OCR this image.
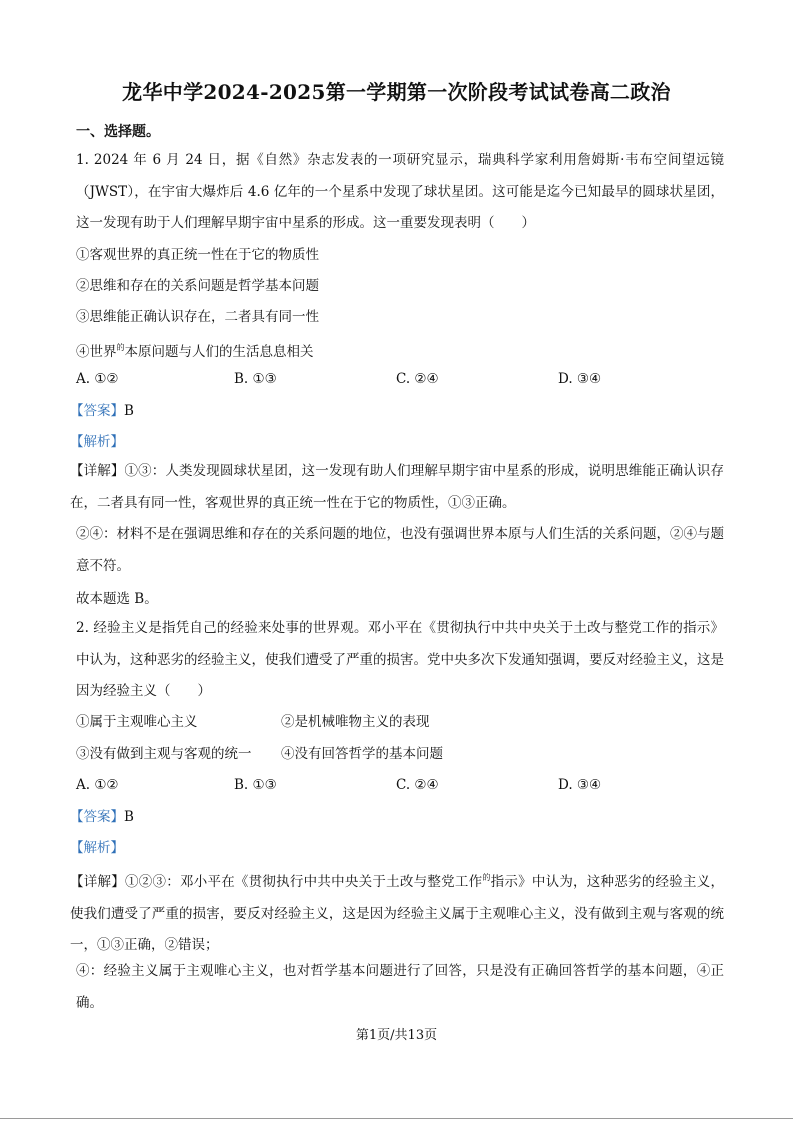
龙华中学2024-2025第一学期第一次阶段考试试卷高二政治
一、选择题。
1. 2024 年 6 月 24 日，据《自然》杂志发表的一项研究显示，瑞典科学家利用詹姆斯·韦布空间望远镜（JWST），在宇宙大爆炸后 4.6 亿年的一个星系中发现了球状星团。这可能是迄今已知最早的圆球状星团，这一发现有助于人们理解早期宇宙中星系的形成。这一重要发现表明（　　）
①客观世界的真正统一性在于它的物质性
②思维和存在的关系问题是哲学基本问题
③思维能正确认识存在，二者具有同一性
④世界$^的$本原问题与人们的生活息息相关
A. ①②	B. ①③	C. ②④	D. ③④
【答案】B
【解析】
【详解】①③：人类发现圆球状星团，这一发现有助人们理解早期宇宙中星系的形成，说明思维能正确认识存在，二者具有同一性，客观世界的真正统一性在于它的物质性，①③正确。
②④：材料不是在强调思维和存在的关系问题的地位，也没有强调世界本原与人们生活的关系问题，②④与题意不符。
故本题选 B。
2. 经验主义是指凭自己的经验来处事的世界观。邓小平在《贯彻执行中共中央关于土改与整党工作的指示》中认为，这种恶劣的经验主义，使我们遭受了严重的损害。党中央多次下发通知强调，要反对经验主义，这是因为经验主义（　　）
①属于主观唯心主义	②是机械唯物主义的表现
③没有做到主观与客观的统一 ④没有回答哲学的基本问题
A. ①②	B. ①③	C. ②④	D. ③④
【答案】B
【解析】
【详解】①②③：邓小平在《贯彻执行中共中央关于土改与整党工作$^的$指示》中认为，这种恶劣的经验主义，使我们遭受了严重的损害，要反对经验主义，这是因为经验主义属于主观唯心主义，没有做到主观与客观的统一，①③正确，②错误；
④：经验主义属于主观唯心主义，也对哲学基本问题进行了回答，只是没有正确回答哲学的基本问题，④正确。
第1页/共13页
